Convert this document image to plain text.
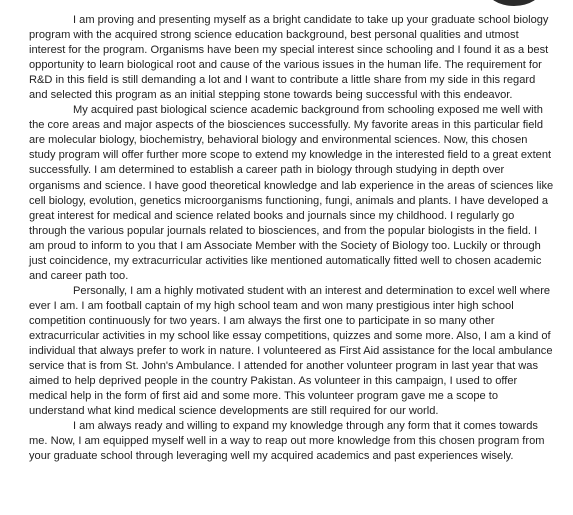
I am proving and presenting myself as a bright candidate to take up your graduate school biology program with the acquired strong science education background, best personal qualities and utmost interest for the program. Organisms have been my special interest since schooling and I found it as a best opportunity to learn biological root and cause of the various issues in the human life. The requirement for R&D in this field is still demanding a lot and I want to contribute a little share from my side in this regard and selected this program as an initial stepping stone towards being successful with this endeavor.

My acquired past biological science academic background from schooling exposed me well with the core areas and major aspects of the biosciences successfully. My favorite areas in this particular field are molecular biology, biochemistry, behavioral biology and environmental sciences. Now, this chosen study program will offer further more scope to extend my knowledge in the interested field to a great extent successfully. I am determined to establish a career path in biology through studying in depth over organisms and science. I have good theoretical knowledge and lab experience in the areas of sciences like cell biology, evolution, genetics microorganisms functioning, fungi, animals and plants. I have developed a great interest for medical and science related books and journals since my childhood. I regularly go through the various popular journals related to biosciences, and from the popular biologists in the field. I am proud to inform to you that I am Associate Member with the Society of Biology too. Luckily or through just coincidence, my extracurricular activities like mentioned automatically fitted well to chosen academic and career path too.

Personally, I am a highly motivated student with an interest and determination to excel well where ever I am. I am football captain of my high school team and won many prestigious inter high school competition continuously for two years. I am always the first one to participate in so many other extracurricular activities in my school like essay competitions, quizzes and some more. Also, I am a kind of individual that always prefer to work in nature. I volunteered as First Aid assistance for the local ambulance service that is from St. John's Ambulance. I attended for another volunteer program in last year that was aimed to help deprived people in the country Pakistan. As volunteer in this campaign, I used to offer medical help in the form of first aid and some more. This volunteer program gave me a scope to understand what kind medical science developments are still required for our world.

I am always ready and willing to expand my knowledge through any form that it comes towards me. Now, I am equipped myself well in a way to reap out more knowledge from this chosen program from your graduate school through leveraging well my acquired academics and past experiences wisely.
